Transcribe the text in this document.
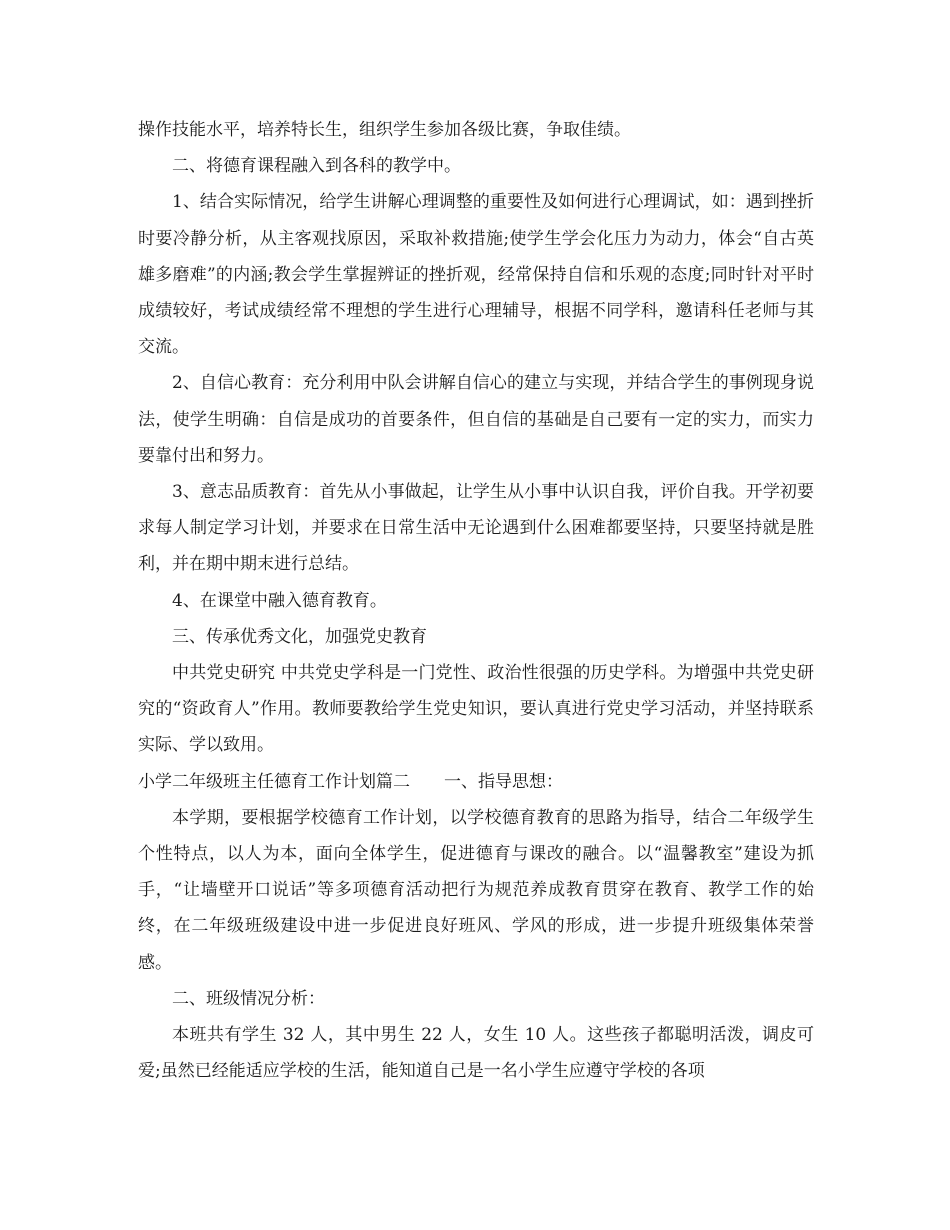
操作技能水平，培养特长生，组织学生参加各级比赛，争取佳绩。

二、将德育课程融入到各科的教学中。

1、结合实际情况，给学生讲解心理调整的重要性及如何进行心理调试，如：遇到挫折时要冷静分析，从主客观找原因，采取补救措施;使学生学会化压力为动力，体会“自古英雄多磨难”的内涵;教会学生掌握辨证的挫折观，经常保持自信和乐观的态度;同时针对平时成绩较好，考试成绩经常不理想的学生进行心理辅导，根据不同学科，邀请科任老师与其交流。

2、自信心教育：充分利用中队会讲解自信心的建立与实现，并结合学生的事例现身说法，使学生明确：自信是成功的首要条件，但自信的基础是自己要有一定的实力，而实力要靠付出和努力。

3、意志品质教育：首先从小事做起，让学生从小事中认识自我，评价自我。开学初要求每人制定学习计划，并要求在日常生活中无论遇到什么困难都要坚持，只要坚持就是胜利，并在期中期末进行总结。

4、在课堂中融入德育教育。

三、传承优秀文化，加强党史教育

中共党史研究 中共党史学科是一门党性、政治性很强的历史学科。为增强中共党史研究的“资政育人”作用。教师要教给学生党史知识，要认真进行党史学习活动，并坚持联系实际、学以致用。

小学二年级班主任德育工作计划篇二　　一、指导思想：

本学期，要根据学校德育工作计划，以学校德育教育的思路为指导，结合二年级学生个性特点，以人为本，面向全体学生，促进德育与课改的融合。以“温馨教室”建设为抓手，“让墙壁开口说话”等多项德育活动把行为规范养成教育贯穿在教育、教学工作的始终，在二年级班级建设中进一步促进良好班风、学风的形成，进一步提升班级集体荣誉感。

二、班级情况分析：

本班共有学生 32 人，其中男生 22 人，女生 10 人。这些孩子都聪明活泼，调皮可爱;虽然已经能适应学校的生活，能知道自己是一名小学生应遵守学校的各项
